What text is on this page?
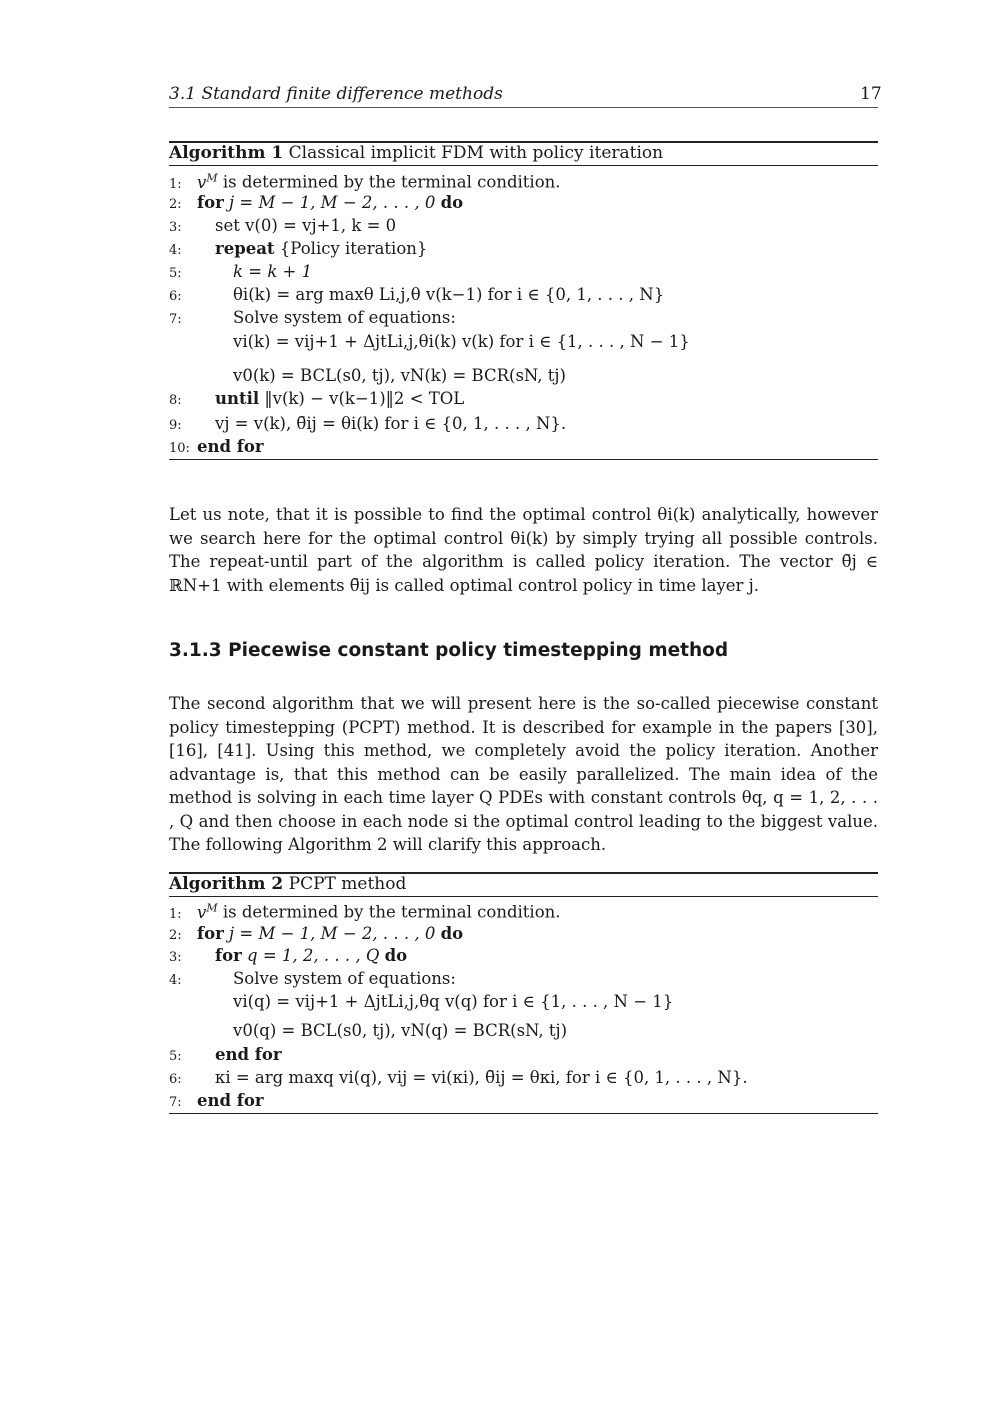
3.1 Standard finite difference methods	17
Algorithm 1 Classical implicit FDM with policy iteration
1: $v^M$ is determined by the terminal condition.
2: for j = M − 1, M − 2, . . . , 0 do
3: set v(0) = vj+1, k = 0
4: repeat {Policy iteration}
5:	k = k + 1
6:	θi(k) = arg maxθ Li,j,θ v(k−1) for i ∈ {0, 1, . . . , N}
7:	Solve system of equations:
vi(k) = vij+1 + ΔjtLi,j,θi(k) v(k) for i ∈ {1, . . . , N − 1}
v0(k) = BCL(s0, tj), vN(k) = BCR(sN, tj)
8: until ‖v(k) − v(k−1)‖2 < TOL
9: vj = v(k), θ̄ij = θi(k) for i ∈ {0, 1, . . . , N}.
10: end for
Let us note, that it is possible to find the optimal control θi(k) analytically, however we search here for the optimal control θi(k) by simply trying all possible controls. The repeat-until part of the algorithm is called policy iteration. The vector θ̄j ∈ ℝN+1 with elements θ̄ij is called optimal control policy in time layer j.
3.1.3 Piecewise constant policy timestepping method
The second algorithm that we will present here is the so-called piecewise constant policy timestepping (PCPT) method. It is described for example in the papers [30], [16], [41]. Using this method, we completely avoid the policy iteration. Another advantage is, that this method can be easily parallelized. The main idea of the method is solving in each time layer Q PDEs with constant controls θq, q = 1, 2, . . . , Q and then choose in each node si the optimal control leading to the biggest value. The following Algorithm 2 will clarify this approach.
Algorithm 2 PCPT method
1: $v^M$ is determined by the terminal condition.
2: for j = M − 1, M − 2, . . . , 0 do
3: for q = 1, 2, . . . , Q do
4:	Solve system of equations:
vi(q) = vij+1 + ΔjtLi,j,θq v(q) for i ∈ {1, . . . , N − 1}
v0(q) = BCL(s0, tj), vN(q) = BCR(sN, tj)
5: end for
6: κi = arg maxq vi(q), vij = vi(κi), θ̄ij = θκi, for i ∈ {0, 1, . . . , N}.
7: end for
